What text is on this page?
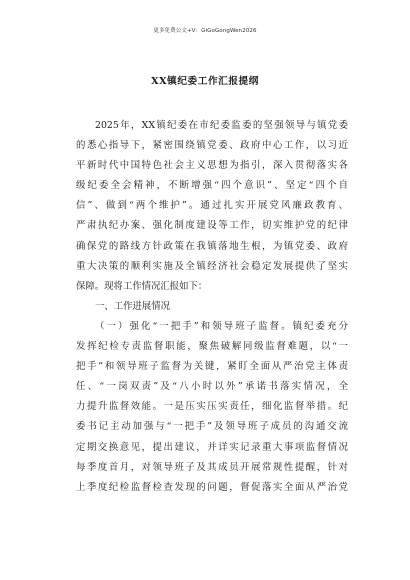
更多免费公文+V：GiGoGongWen2026
XX镇纪委工作汇报提纲
2025年，XX镇纪委在市纪委监委的坚强领导与镇党委
的悉心指导下，紧密围绕镇党委、政府中心工作，以习近
平新时代中国特色社会主义思想为指引，深入贯彻落实各
级纪委全会精神，不断增强“四个意识”、坚定“四个自
信”、做到“两个维护”。通过扎实开展党风廉政教育、
严肃执纪办案、强化制度建设等工作，切实维护党的纪律
确保党的路线方针政策在我镇落地生根，为镇党委、政府
重大决策的顺利实施及全镇经济社会稳定发展提供了坚实
保障。现将工作情况汇报如下：
一、工作进展情况
（一）强化“一把手”和领导班子监督。镇纪委充分
发挥纪检专责监督职能，聚焦破解同级监督难题，以“一
把手”和领导班子监督为关键，紧盯全面从严治党主体责
任、“一岗双责”及“八小时以外”承诺书落实情况，全
力提升监督效能。一是压实压实责任，细化监督举措。纪
委书记主动加强与“一把手”及领导班子成员的沟通交流
定期交换意见，提出建议，并详实记录重大事项监督情况
每季度首月，对领导班子及其成员开展常规性提醒，针对
上季度纪检监督检查发现的问题，督促落实全面从严治党
